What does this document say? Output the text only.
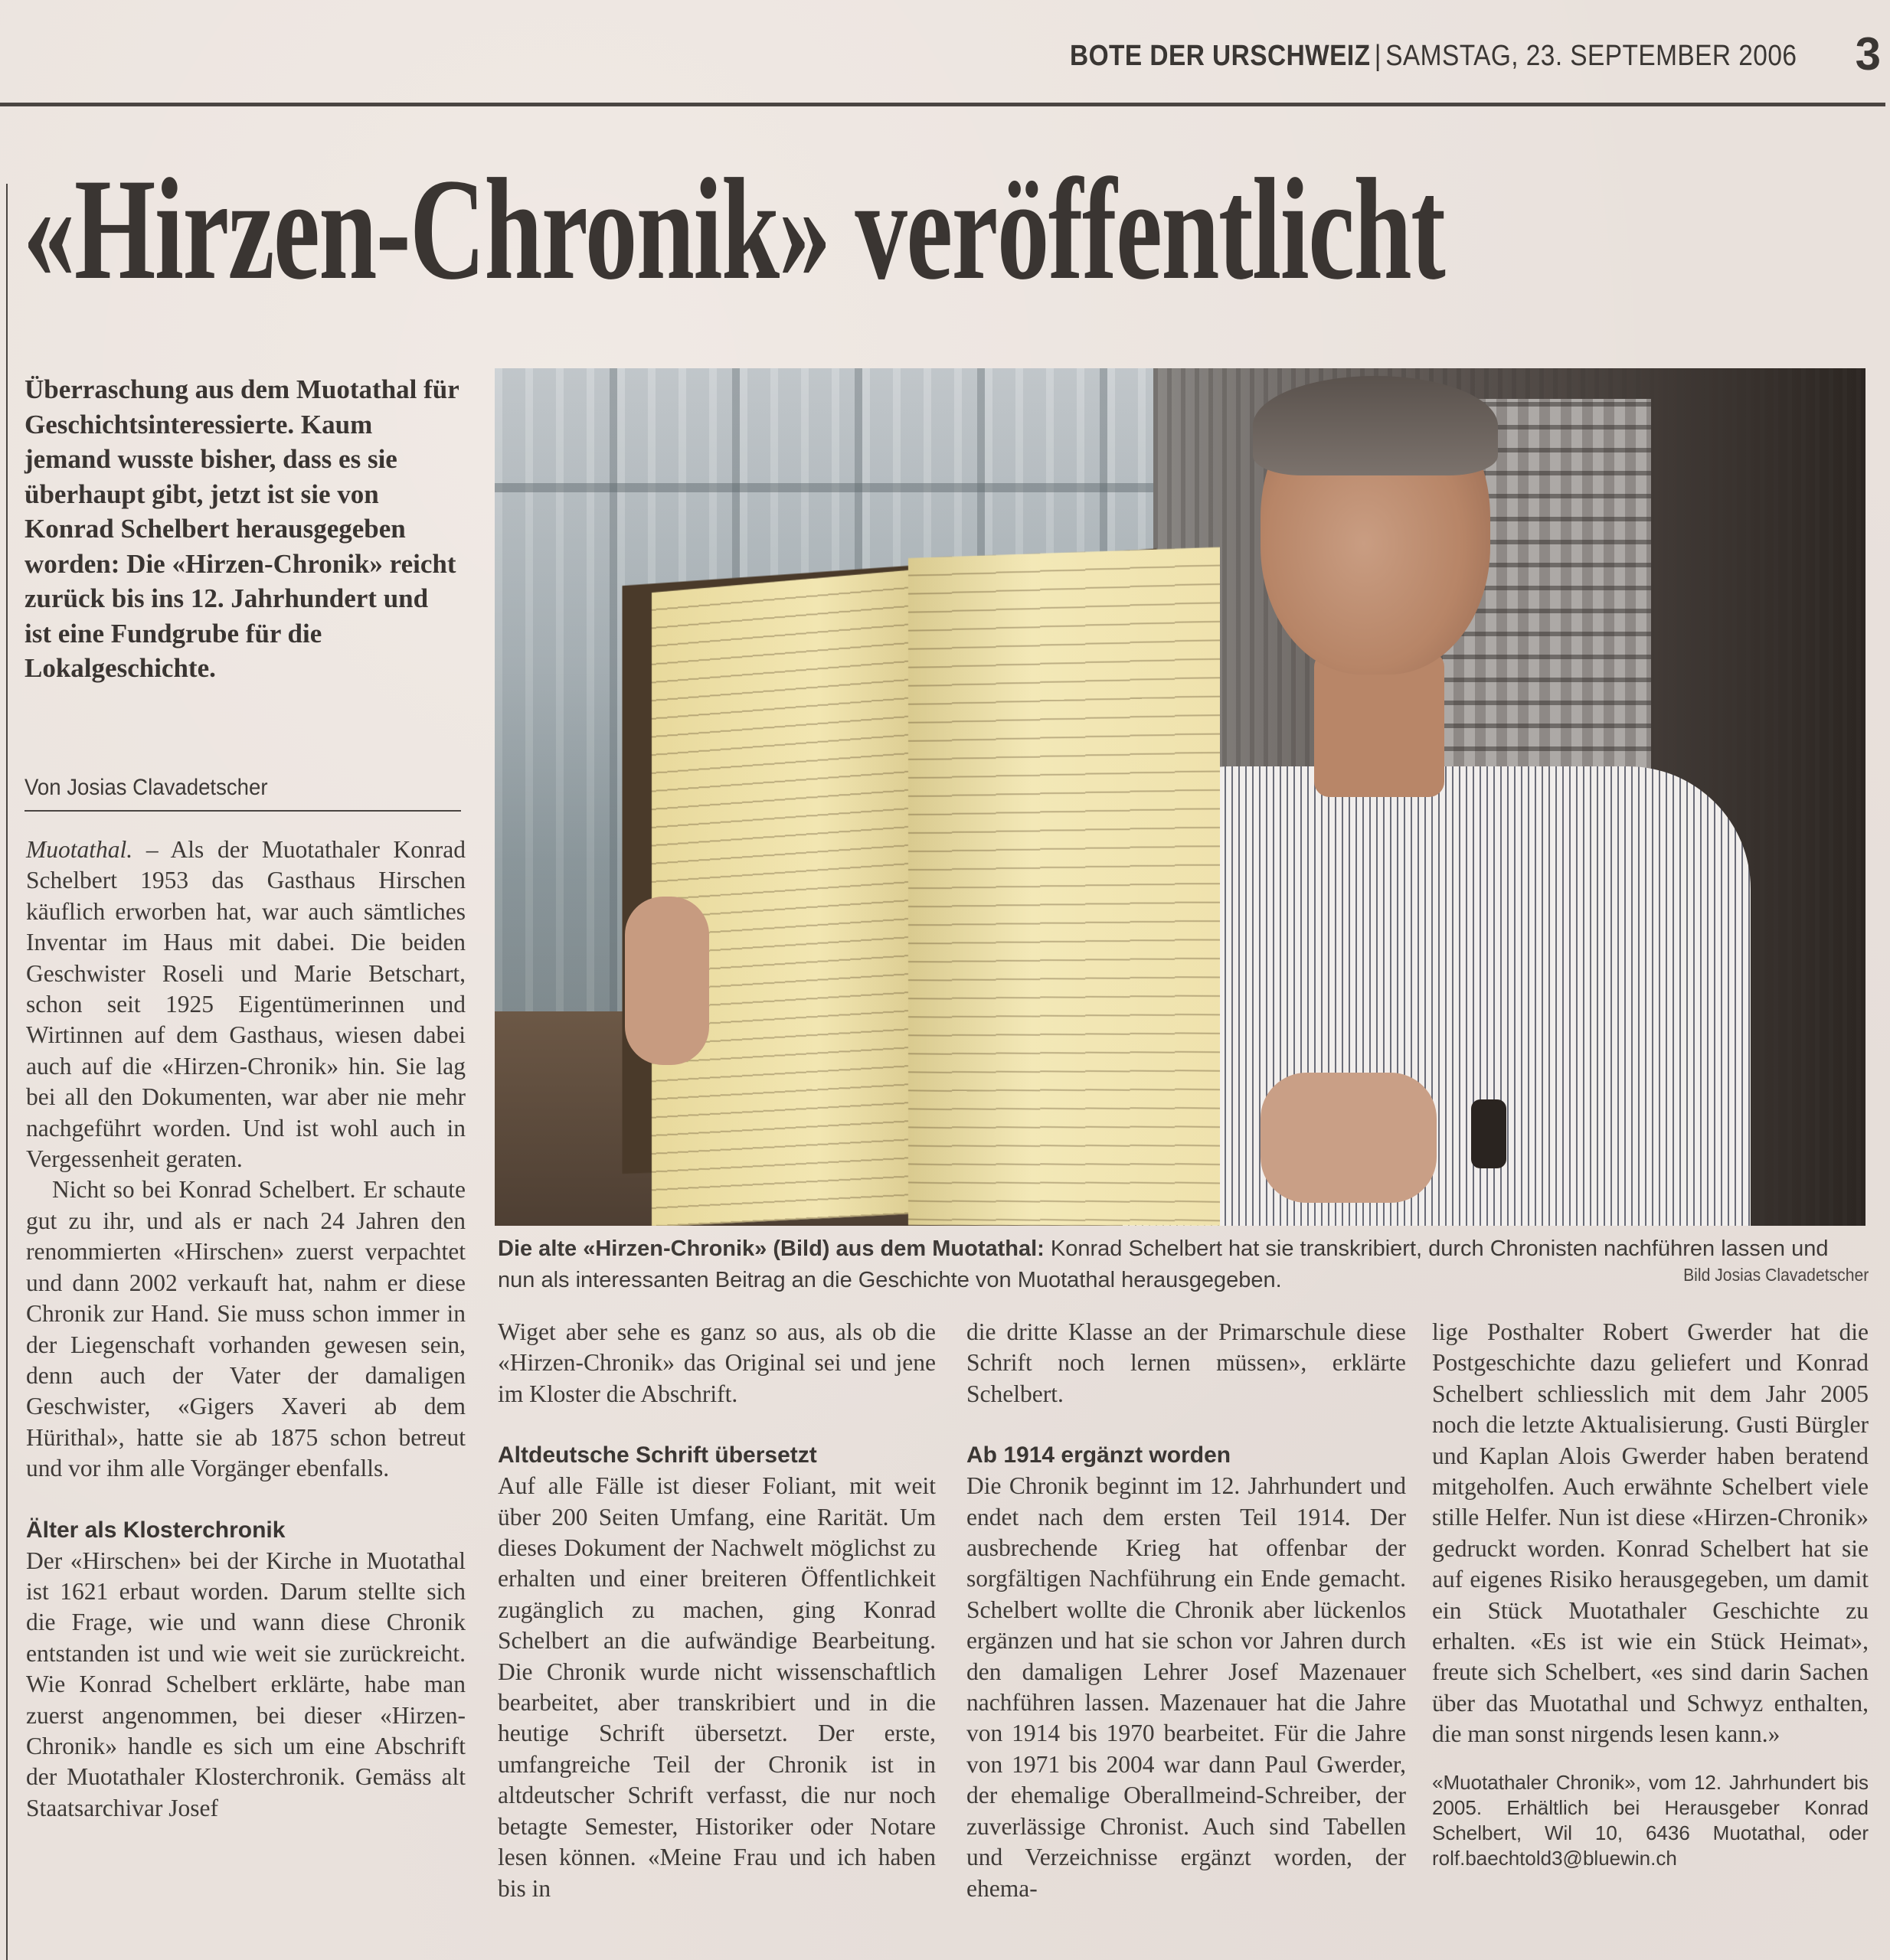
BOTE DER URSCHWEIZ | SAMSTAG, 23. SEPTEMBER 2006	3
«Hirzen-Chronik» veröffentlicht
Überraschung aus dem Muotathal für Geschichtsinteressierte. Kaum jemand wusste bisher, dass es sie überhaupt gibt, jetzt ist sie von Konrad Schelbert herausgegeben worden: Die «Hirzen-Chronik» reicht zurück bis ins 12. Jahrhundert und ist eine Fundgrube für die Lokalgeschichte.
Von Josias Clavadetscher

Muotathal. – Als der Muotathaler Konrad Schelbert 1953 das Gasthaus Hirschen käuflich erworben hat, war auch sämtliches Inventar im Haus mit dabei. Die beiden Geschwister Roseli und Marie Betschart, schon seit 1925 Eigentümerinnen und Wirtinnen auf dem Gasthaus, wiesen dabei auch auf die «Hirzen-Chronik» hin. Sie lag bei all den Dokumenten, war aber nie mehr nachgeführt worden. Und ist wohl auch in Vergessenheit geraten.

Nicht so bei Konrad Schelbert. Er schaute gut zu ihr, und als er nach 24 Jahren den renommierten «Hirschen» zuerst verpachtet und dann 2002 verkauft hat, nahm er diese Chronik zur Hand. Sie muss schon immer in der Liegenschaft vorhanden gewesen sein, denn auch der Vater der damaligen Geschwister, «Gigers Xaveri ab dem Hürithal», hatte sie ab 1875 schon betreut und vor ihm alle Vorgänger ebenfalls.

Älter als Klosterchronik

Der «Hirschen» bei der Kirche in Muotathal ist 1621 erbaut worden. Darum stellte sich die Frage, wie und wann diese Chronik entstanden ist und wie weit sie zurückreicht. Wie Konrad Schelbert erklärte, habe man zuerst angenommen, bei dieser «Hirzen-Chronik» handle es sich um eine Abschrift der Muotathaler Klosterchronik. Gemäss alt Staatsarchivar Josef

Die alte «Hirzen-Chronik» (Bild) aus dem Muotathal: Konrad Schelbert hat sie transkribiert, durch Chronisten nachführen lassen und nun als interessanten Beitrag an die Geschichte von Muotathal herausgegeben.	Bild Josias Clavadetscher

Wiget aber sehe es ganz so aus, als ob die «Hirzen-Chronik» das Original sei und jene im Kloster die Abschrift.

Altdeutsche Schrift übersetzt

Auf alle Fälle ist dieser Foliant, mit weit über 200 Seiten Umfang, eine Rarität. Um dieses Dokument der Nachwelt möglichst zu erhalten und einer breiteren Öffentlichkeit zugänglich zu machen, ging Konrad Schelbert an die aufwändige Bearbeitung. Die Chronik wurde nicht wissenschaftlich bearbeitet, aber transkribiert und in die heutige Schrift übersetzt. Der erste, umfangreiche Teil der Chronik ist in altdeutscher Schrift verfasst, die nur noch betagte Semester, Historiker oder Notare lesen können. «Meine Frau und ich haben bis in

die dritte Klasse an der Primarschule diese Schrift noch lernen müssen», erklärte Schelbert.

Ab 1914 ergänzt worden

Die Chronik beginnt im 12. Jahrhundert und endet nach dem ersten Teil 1914. Der ausbrechende Krieg hat offenbar der sorgfältigen Nachführung ein Ende gemacht. Schelbert wollte die Chronik aber lückenlos ergänzen und hat sie schon vor Jahren durch den damaligen Lehrer Josef Mazenauer nachführen lassen. Mazenauer hat die Jahre von 1914 bis 1970 bearbeitet. Für die Jahre von 1971 bis 2004 war dann Paul Gwerder, der ehemalige Oberallmeind-Schreiber, der zuverlässige Chronist. Auch sind Tabellen und Verzeichnisse ergänzt worden, der ehema-

lige Posthalter Robert Gwerder hat die Postgeschichte dazu geliefert und Konrad Schelbert schliesslich mit dem Jahr 2005 noch die letzte Aktualisierung. Gusti Bürgler und Kaplan Alois Gwerder haben beratend mitgeholfen. Auch erwähnte Schelbert viele stille Helfer. Nun ist diese «Hirzen-Chronik» gedruckt worden. Konrad Schelbert hat sie auf eigenes Risiko herausgegeben, um damit ein Stück Muotathaler Geschichte zu erhalten. «Es ist wie ein Stück Heimat», freute sich Schelbert, «es sind darin Sachen über das Muotathal und Schwyz enthalten, die man sonst nirgends lesen kann.»

«Muotathaler Chronik», vom 12. Jahrhundert bis 2005. Erhältlich bei Herausgeber Konrad Schelbert, Wil 10, 6436 Muotathal, oder rolf.baechtold3@bluewin.ch
